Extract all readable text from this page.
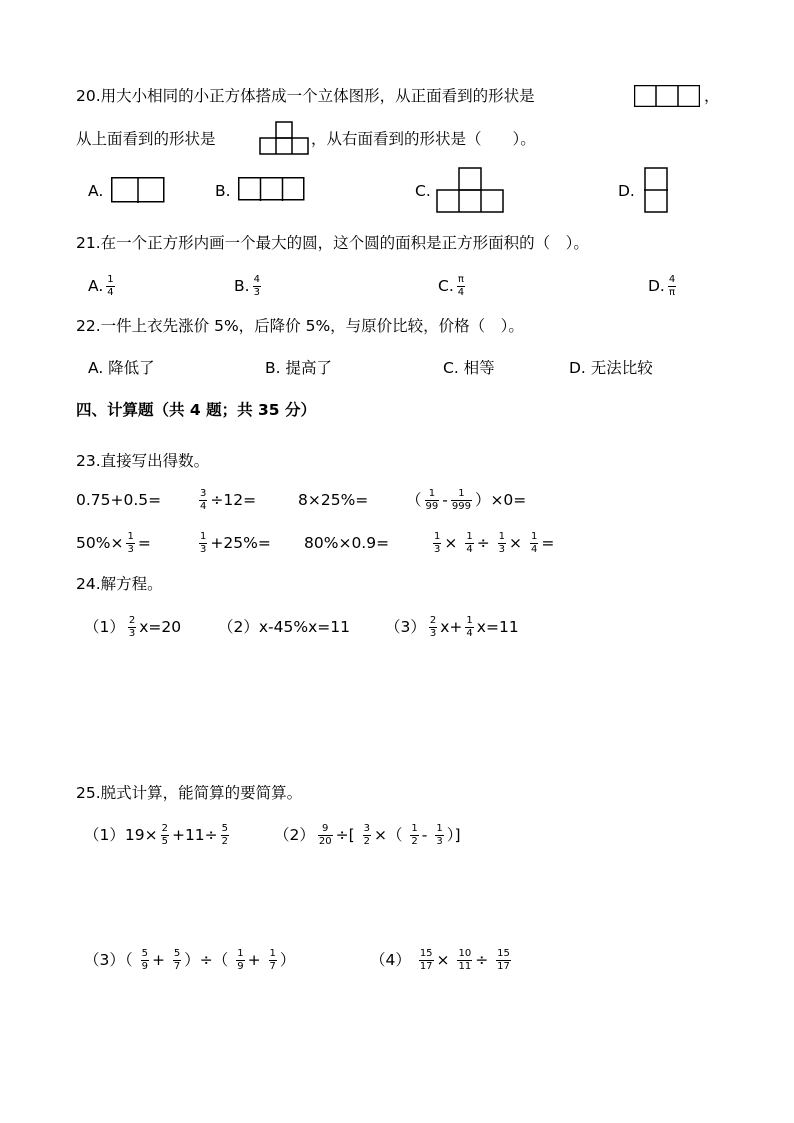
20.用大小相同的小正方体搭成一个立体图形，从正面看到的形状是	，
从上面看到的形状是	，从右面看到的形状是（　　）。
A.	B.	C.	D.
21.在一个正方形内画一个最大的圆，这个圆的面积是正方形面积的（　）。
A. $\frac{1}{4}$	B. $\frac{4}{3}$	C. $\frac{\pi}{4}$	D. $\frac{4}{\pi}$
22.一件上衣先涨价 5%，后降价 5%，与原价比较，价格（　）。
A. 降低了	B. 提高了	C. 相等	D. 无法比较
四、计算题（共 4 题；共 35 分）
23.直接写出得数。
0.75+0.5=	$\frac{3}{4} \div 12=$	8×25%= （ $\frac{1}{99} - \frac{1}{999} )\times 0=$
$50\%\times \frac{1}{3}$ =	$\frac{1}{3} +25\%= 80\%\times 0.9=$	$\frac{1}{3} \times \frac{1}{4} \div \frac{1}{3} \times \frac{1}{4}$ =
24.解方程。
$(1) \frac{2}{3} x=20$ （2）x-45%x=11 $(3) \frac{2}{3} x+ \frac{1}{4} x=11$
25.脱式计算，能简算的要简算。
$(1)19\times \frac{2}{5} +11\div \frac{5}{2}$	$(2) \frac{9}{20}$ ÷[ $\frac{3}{2}$ ×（ $\frac{1}{2} - \frac{1}{3}$ ）]
$(3)( \frac{5}{9} + \frac{5}{7}$ ）÷（ $\frac{1}{9} + \frac{1}{7}$ ）	$(4) \frac{15}{17} \times \frac{10}{11} \div \frac{15}{17}$
